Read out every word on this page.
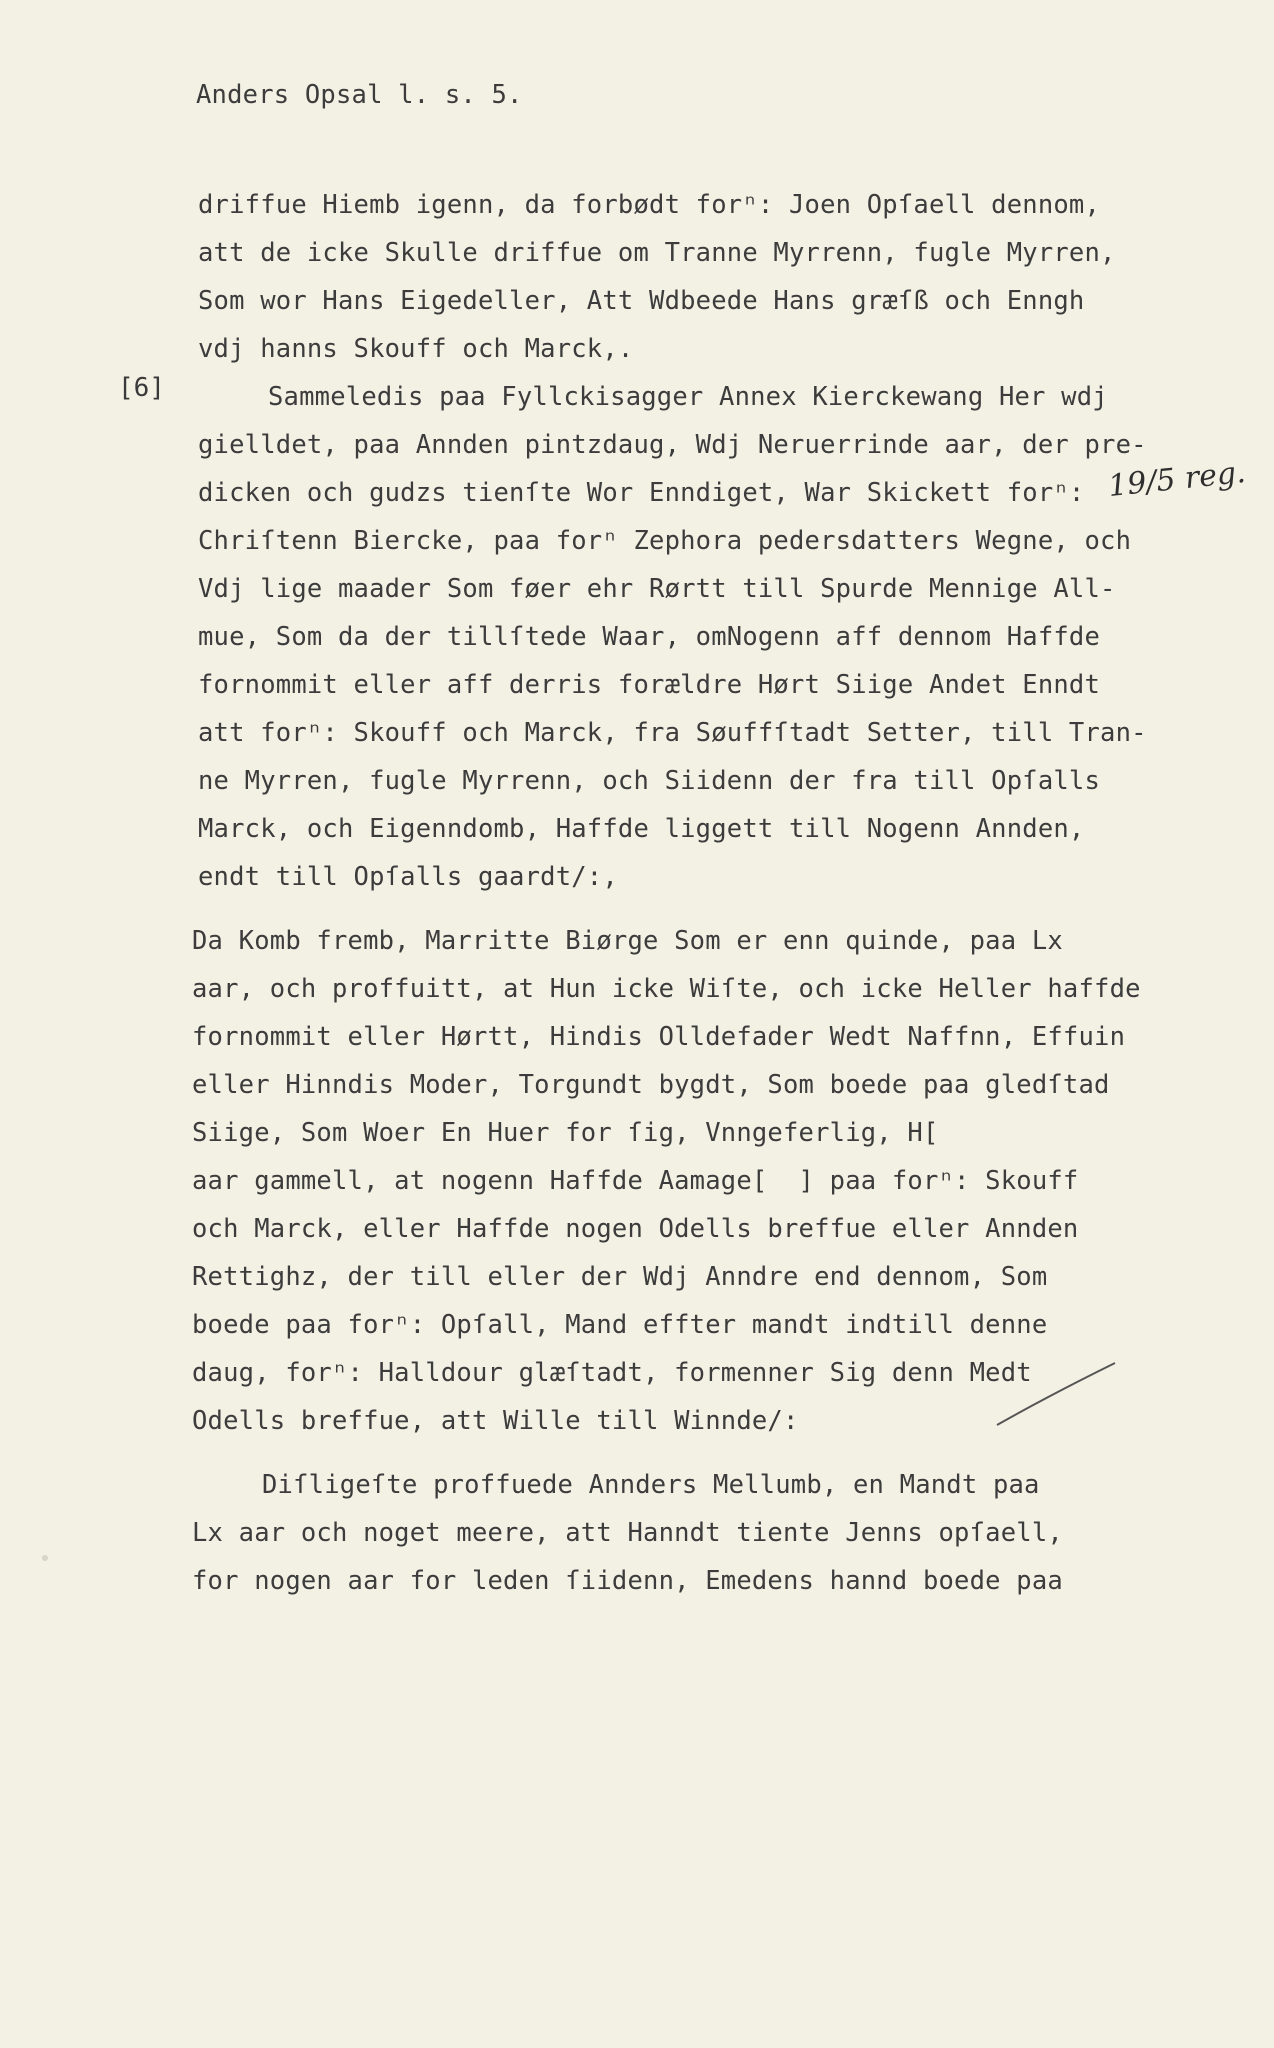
Anders Opsal l. s. 5.
[6]

19/5 reg.

driffue Hiemb igenn, da forbødt forⁿ: Joen Opſaell dennom,
att de icke Skulle driffue om Tranne Myrrenn, fugle Myrren,
Som wor Hans Eigedeller, Att Wdbeede Hans græſß och Enngh
vdj hanns Skouff och Marck,.
Sammeledis paa Fyllckisagger Annex Kierckewang Her wdj
gielldet, paa Annden pintzdaug, Wdj Neruerrinde aar, der pre-
dicken och gudzs tienſte Wor Enndiget, War Skickett forⁿ:
Chriſtenn Biercke, paa forⁿ Zephora pedersdatters Wegne, och
Vdj lige maader Som føer ehr Rørtt till Spurde Mennige All-
mue, Som da der tillſtede Waar, omNogenn aff dennom Haffde
fornommit eller aff derris forældre Hørt Siige Andet Enndt
att forⁿ: Skouff och Marck, fra Søuffſtadt Setter, till Tran-
ne Myrren, fugle Myrrenn, och Siidenn der fra till Opſalls
Marck, och Eigenndomb, Haffde liggett till Nogenn Annden,
endt till Opſalls gaardt/:,
Da Komb fremb, Marritte Biørge Som er enn quinde, paa Lx
aar, och proffuitt, at Hun icke Wiſte, och icke Heller haffde
fornommit eller Hørtt, Hindis Olldefader Wedt Naffnn, Effuin
eller Hinndis Moder, Torgundt bygdt, Som boede paa gledſtad
Siige, Som Woer En Huer for ſig, Vnngeferlig, H[
aar gammell, at nogenn Haffde Aamage[  ] paa forⁿ: Skouff
och Marck, eller Haffde nogen Odells breffue eller Annden
Rettighz, der till eller der Wdj Anndre end dennom, Som
boede paa forⁿ: Opſall, Mand effter mandt indtill denne
daug, forⁿ: Halldour glæſtadt, formenner Sig denn Medt
Odells breffue, att Wille till Winnde/:
Diſligeſte proffuede Annders Mellumb, en Mandt paa
Lx aar och noget meere, att Hanndt tiente Jenns opſaell,
for nogen aar for leden ſiidenn, Emedens hannd boede paa
